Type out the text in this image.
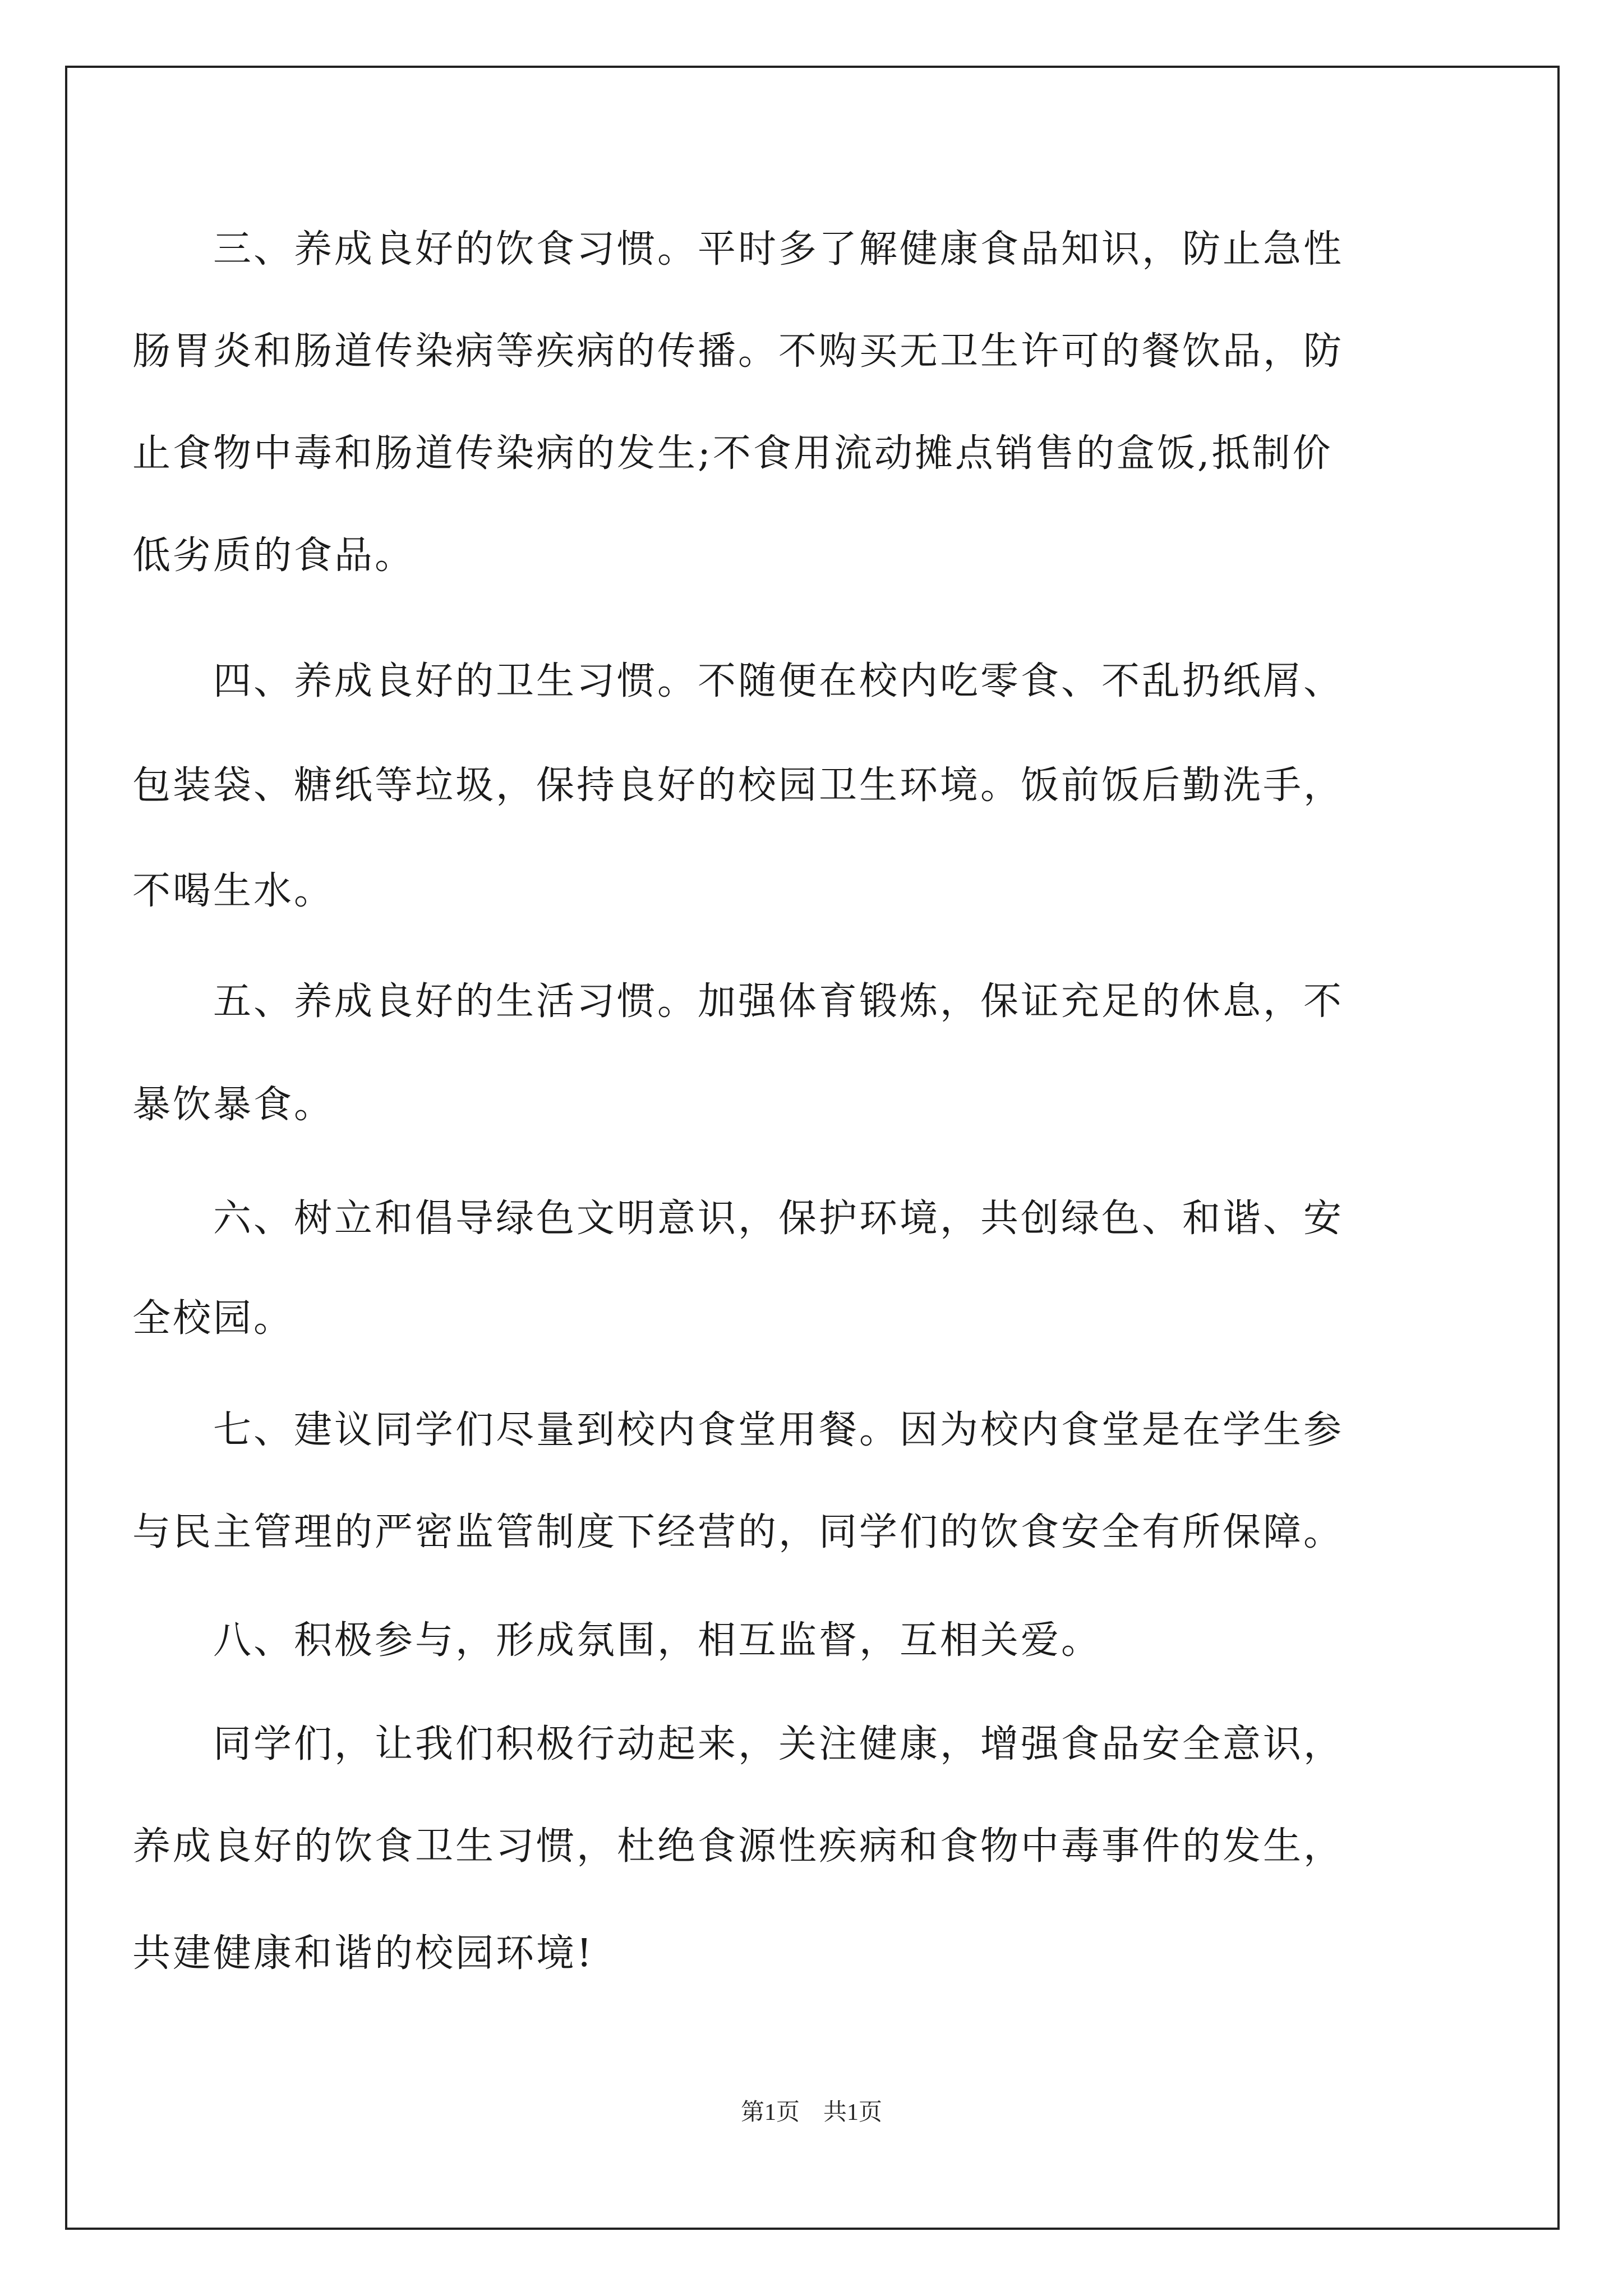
　　三、养成良好的饮食习惯。平时多了解健康食品知识，防止急性
肠胃炎和肠道传染病等疾病的传播。不购买无卫生许可的餐饮品，防
止食物中毒和肠道传染病的发生;不食用流动摊点销售的盒饭,抵制价
低劣质的食品。
　　四、养成良好的卫生习惯。不随便在校内吃零食、不乱扔纸屑、
包装袋、糖纸等垃圾，保持良好的校园卫生环境。饭前饭后勤洗手，
不喝生水。
　　五、养成良好的生活习惯。加强体育锻炼，保证充足的休息，不
暴饮暴食。
　　六、树立和倡导绿色文明意识，保护环境，共创绿色、和谐、安
全校园。
　　七、建议同学们尽量到校内食堂用餐。因为校内食堂是在学生参
与民主管理的严密监管制度下经营的，同学们的饮食安全有所保障。
　　八、积极参与，形成氛围，相互监督，互相关爱。
　　同学们，让我们积极行动起来，关注健康，增强食品安全意识，
养成良好的饮食卫生习惯，杜绝食源性疾病和食物中毒事件的发生，
共建健康和谐的校园环境!
第1页　共1页
